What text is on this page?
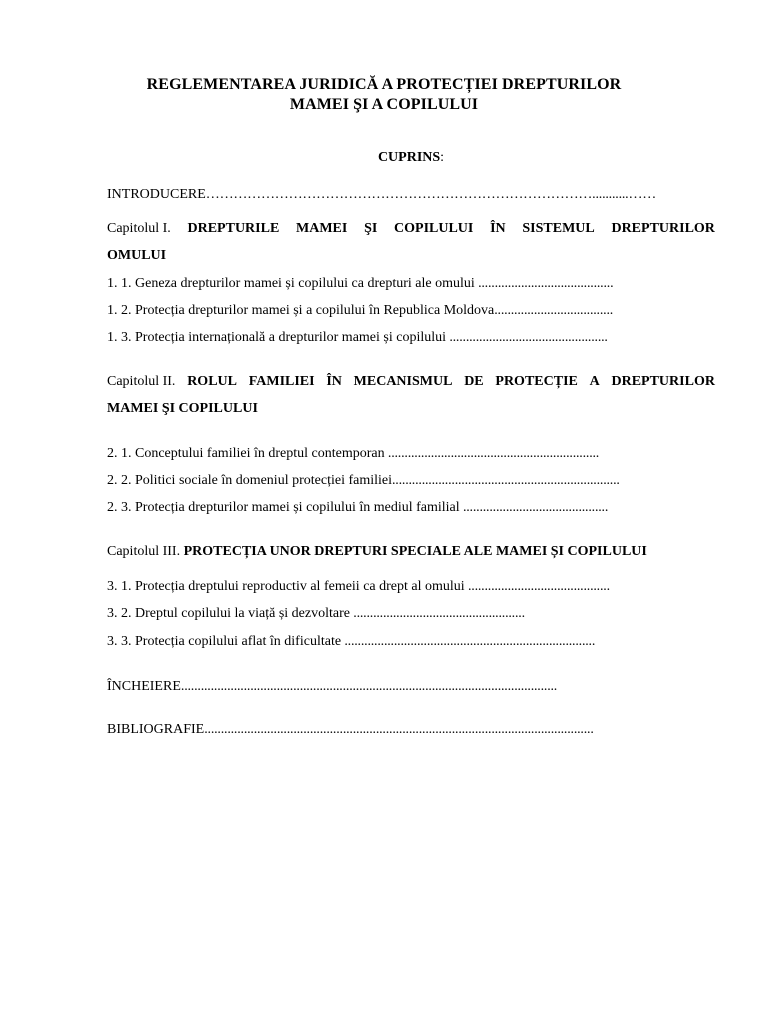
REGLEMENTAREA JURIDICĂ A PROTECȚIEI DREPTURILOR
MAMEI ŞI A COPILULUI
CUPRINS:
INTRODUCERE…………………………………………………………………………...........……
Capitolul I. DREPTURILE MAMEI ŞI COPILULUI ÎN SISTEMUL DREPTURILOR
OMULUI
1. 1. Geneza drepturilor mamei și copilului ca drepturi ale omului .........................................
1. 2. Protecția drepturilor mamei și a copilului în Republica Moldova....................................
1. 3. Protecția internațională a drepturilor mamei și copilului ................................................
Capitolul II. ROLUL FAMILIEI ÎN MECANISMUL DE PROTECȚIE A DREPTURILOR
MAMEI ŞI COPILULUI
2. 1. Conceptului familiei în dreptul contemporan ................................................................
2. 2. Politici sociale în domeniul protecției familiei.....................................................................
2. 3. Protecția drepturilor mamei și copilului în mediul familial ............................................
Capitolul III. PROTECȚIA UNOR DREPTURI SPECIALE ALE MAMEI ȘI COPILULUI
3. 1. Protecția dreptului reproductiv al femeii ca drept al omului ...........................................
3. 2. Dreptul copilului la viață și dezvoltare ....................................................
3. 3. Protecția copilului aflat în dificultate ............................................................................
ÎNCHEIERE..................................................................................................................
BIBLIOGRAFIE......................................................................................................................
